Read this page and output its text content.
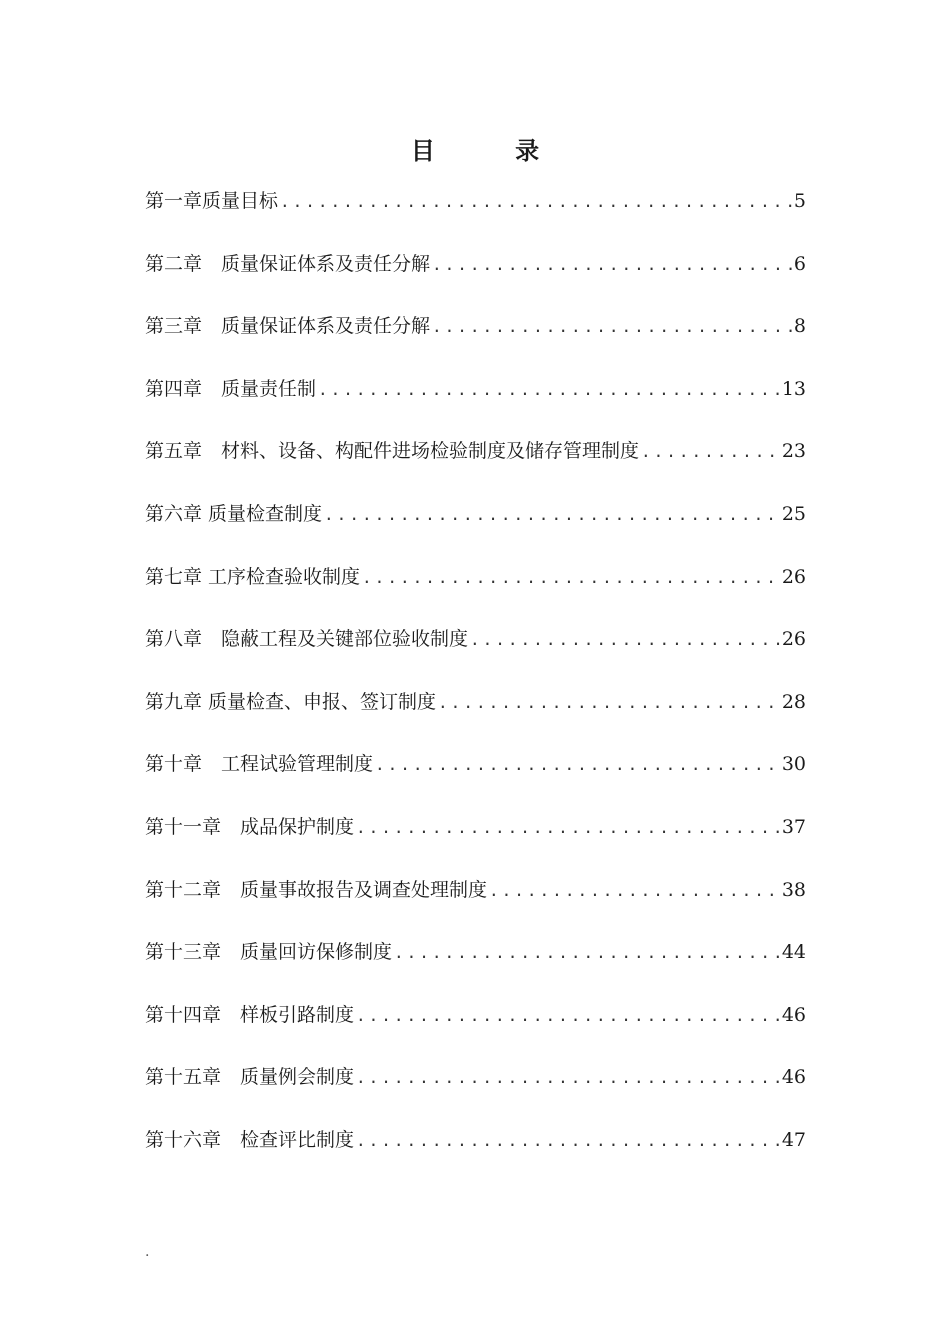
目 录
第一章质量目标 .....	5
第二章　质量保证体系及责任分解 .....	6
第三章　质量保证体系及责任分解 .....	8
第四章　质量责任制 .....	13
第五章　材料、设备、构配件进场检验制度及储存管理制度 .....	23
第六章 质量检查制度 .....	25
第七章 工序检查验收制度 .....	26
第八章　隐蔽工程及关键部位验收制度 .....	26
第九章 质量检查、申报、签订制度 .....	28
第十章　工程试验管理制度 .....	30
第十一章　成品保护制度 .....	37
第十二章　质量事故报告及调查处理制度 .....	38
第十三章　质量回访保修制度 .....	44
第十四章　样板引路制度 .....	46
第十五章　质量例会制度 .....	46
第十六章　检查评比制度 .....	47
.
